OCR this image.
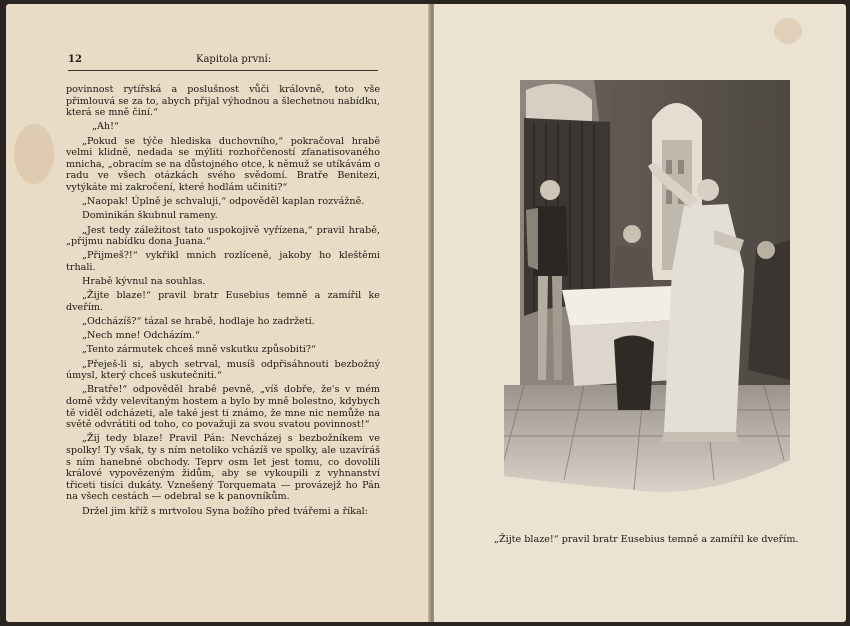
12	Kapitola první:

povinnost rytířská a poslušnost vůči královně, toto vše přimlouvá se za to, abych přijal výhodnou a šlechetnou nabídku, která se mně činí.“

„Ah!“

„Pokud se týče hlediska duchovního,“ pokračoval hrabě velmi klidně, nedada se mýliti rozhořčeností zfanatisovaného mnicha, „obracím se na důstojného otce, k němuž se utíkávám o radu ve všech otázkách svého svědomí. Bratře Benitezi, vytýkáte mi zakročení, které hodlám učiniti?“

„Naopak! Úplně je schvaluji,“ odpověděl kaplan rozvážně.

Dominikán škubnul rameny.

„Jest tedy záležitost tato uspokojivě vyřízena,“ pravil hrabě, „přijmu nabídku dona Juana.“

„Přijmeš?!“ vykřikl mnich rozlíceně, jakoby ho kleštěmi trhali.

Hrabě kývnul na souhlas.

„Žijte blaze!“ pravil bratr Eusebius temně a zamířil ke dveřím.

„Odcházíš?“ tázal se hrabě, hodlaje ho zadržeti.

„Nech mne! Odcházím.“

„Tento zármutek chceš mně vskutku způsobiti?“

„Přeješ-li si, abych setrval, musíš odpřisáhnouti bezbožný úmysl, který chceš uskutečniti.“

„Bratře!“ odpověděl hrabě pevně, „víš dobře, že's v mém domě vždy velevítaným hostem a bylo by mně bolestno, kdybych tě viděl odcházeti, ale také jest ti známo, že mne nic nemůže na světě odvrátiti od toho, co považuji za svou svatou povinnost!“

„Žij tedy blaze! Pravil Pán: Nevcházej s bezbožníkem ve spolky! Ty však, ty s ním netoliko vcházíš ve spolky, ale uzavíráš s ním hanebné obchody. Teprv osm let jest tomu, co dovolili králové vypovězeným židům, aby se vykoupili z vyhnanství třiceti tisíci dukáty. Vznešený Torquemata — provázejž ho Pán na všech cestách — odebral se k panovníkům.

Držel jim kříž s mrtvolou Syna božího před tvářemi a říkal:

„Žijte blaze!“ pravil bratr Eusebius temně a zamířil ke dveřím.
